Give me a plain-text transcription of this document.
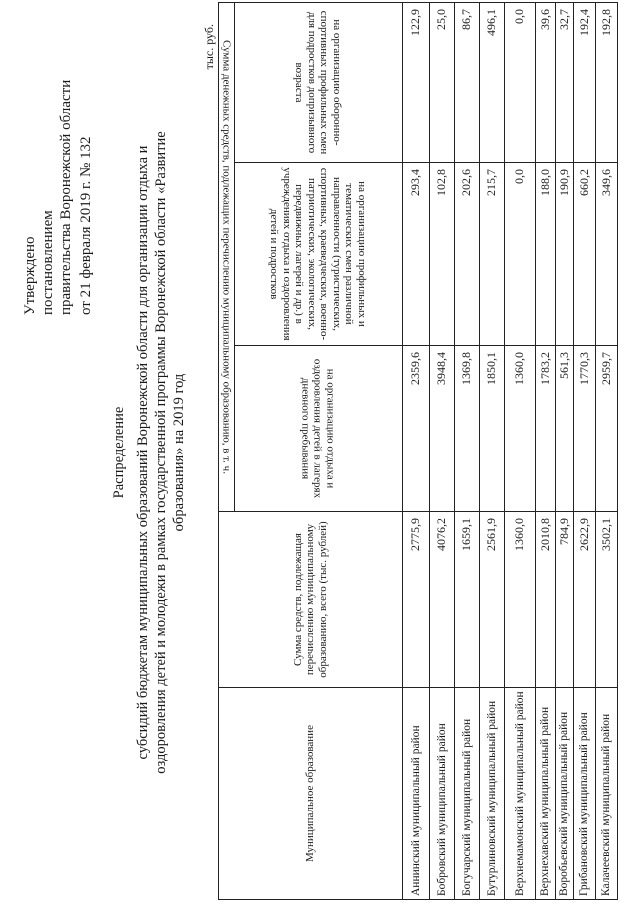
Утверждено постановлением правительства Воронежской области от 21 февраля 2019 г. № 132
Распределение субсидий бюджетам муниципальных образований Воронежской области для организации отдыха и оздоровления детей и молодежи в рамках государственной программы Воронежской области «Развитие образования» на 2019 год
тыс. руб.
Муниципальное образование	Сумма средств, подлежащая перечислению муниципальному образованию, всего (тыс. рублей)	Сумма денежных средств, подлежащих перечислению муниципальному образованию, в т. ч.		

		на организацию отдыха и оздоровления детей в лагерях дневного пребывания	на организацию профильных и тематических смен различной направленности (туристических, спортивных, краеведческих, военно-патриотических, экологических, передвижных лагерей и др.) в учреждениях отдыха и оздоровления детей и подростков	на организацию оборонно-спортивных профильных смен для подростков допризывного возраста

Аннинский муниципальный район	2775,9	2359,6	293,4	122,9
Бобровский муниципальный район	4076,2	3948,4	102,8	25,0
Богучарский муниципальный район	1659,1	1369,8	202,6	86,7
Бутурлиновский муниципальный район	2561,9	1850,1	215,7	496,1
Верхнемамонский муниципальный район	1360,0	1360,0	0,0	0,0
Верхнехавский муниципальный район	2010,8	1783,2	188,0	39,6
Воробьевский муниципальный район	784,9	561,3	190,9	32,7
Грибановский муниципальный район	2622,9	1770,3	660,2	192,4
Калачеевский муниципальный район	3502,1	2959,7	349,6	192,8
